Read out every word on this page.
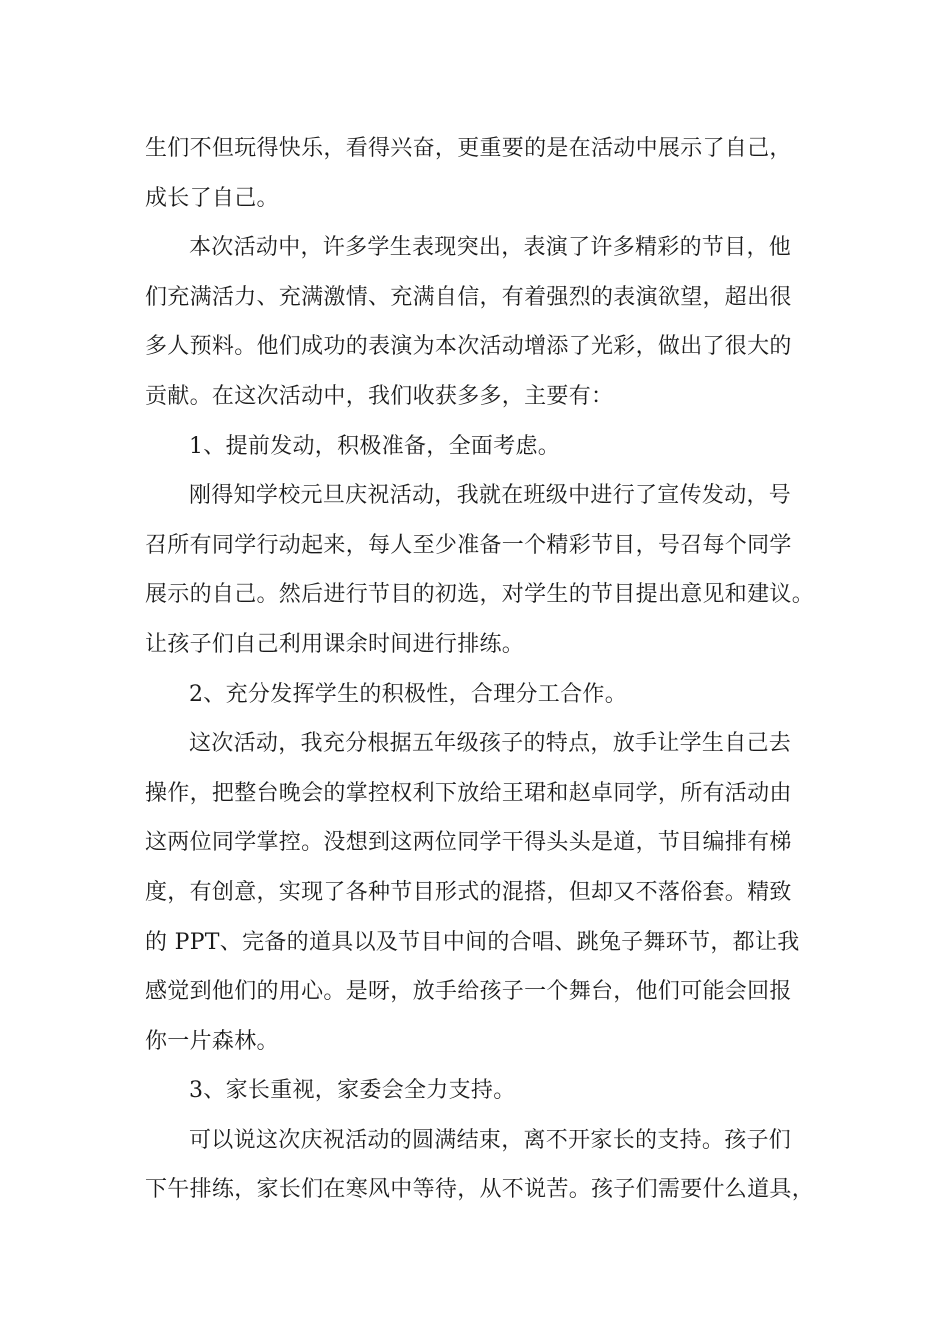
生们不但玩得快乐，看得兴奋，更重要的是在活动中展示了自己，
成长了自己。
本次活动中，许多学生表现突出，表演了许多精彩的节目，他
们充满活力、充满激情、充满自信，有着强烈的表演欲望，超出很
多人预料。他们成功的表演为本次活动增添了光彩，做出了很大的
贡献。在这次活动中，我们收获多多，主要有：
1、提前发动，积极准备，全面考虑。
刚得知学校元旦庆祝活动，我就在班级中进行了宣传发动，号
召所有同学行动起来，每人至少准备一个精彩节目，号召每个同学
展示的自己。然后进行节目的初选，对学生的节目提出意见和建议。
让孩子们自己利用课余时间进行排练。
2、充分发挥学生的积极性，合理分工合作。
这次活动，我充分根据五年级孩子的特点，放手让学生自己去
操作，把整台晚会的掌控权利下放给王珺和赵卓同学，所有活动由
这两位同学掌控。没想到这两位同学干得头头是道，节目编排有梯
度，有创意，实现了各种节目形式的混搭，但却又不落俗套。精致
的 PPT、完备的道具以及节目中间的合唱、跳兔子舞环节，都让我
感觉到他们的用心。是呀，放手给孩子一个舞台，他们可能会回报
你一片森林。
3、家长重视，家委会全力支持。
可以说这次庆祝活动的圆满结束，离不开家长的支持。孩子们
下午排练，家长们在寒风中等待，从不说苦。孩子们需要什么道具，
